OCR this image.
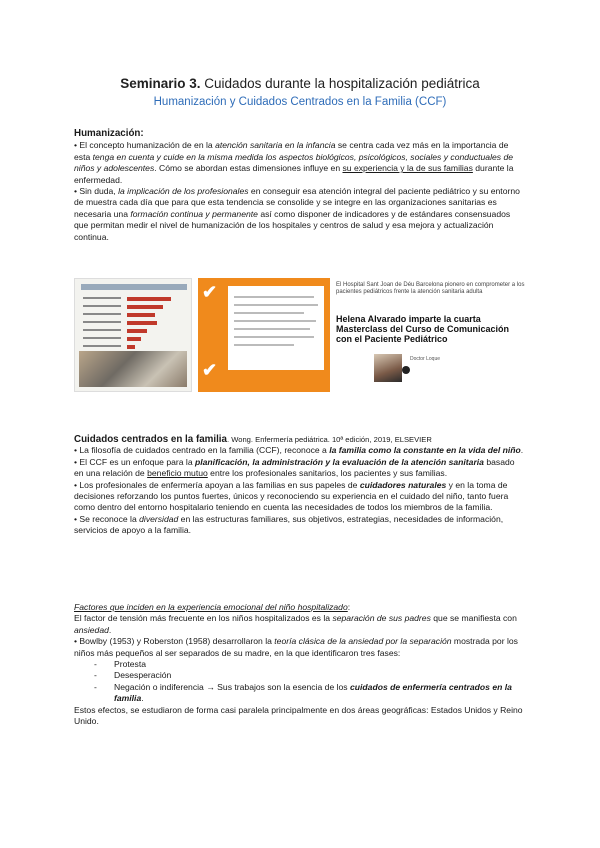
Seminario 3. Cuidados durante la hospitalización pediátrica
Humanización y Cuidados Centrados en la Familia (CCF)
Humanización:

• El concepto humanización de en la atención sanitaria en la infancia se centra cada vez más en la importancia de esta tenga en cuenta y cuide en la misma medida los aspectos biológicos, psicológicos, sociales y conductuales de niños y adolescentes. Cómo se abordan estas dimensiones influye en su experiencia y la de sus familias durante la enfermedad.

• Sin duda, la implicación de los profesionales en conseguir esa atención integral del paciente pediátrico y su entorno de muestra cada día que para que esta tendencia se consolide y se integre en las organizaciones sanitarias es necesaria una formación continua y permanente así como disponer de indicadores y de estándares consensuados que permitan medir el nivel de humanización de los hospitales y centros de salud y esa mejora y actualización continua.

✔
✔
El Hospital Sant Joan de Déu Barcelona pionero en comprometer a los pacientes pediátricos frente la atención sanitaria adulta
Helena Alvarado imparte la cuarta Masterclass del Curso de Comunicación con el Paciente Pediátrico
Doctor Loque

Cuidados centrados en la familia. Wong. Enfermería pediátrica. 10ª edición, 2019, ELSEVIER

• La filosofía de cuidados centrado en la familia (CCF), reconoce a la familia como la constante en la vida del niño.

• El CCF es un enfoque para la planificación, la administración y la evaluación de la atención sanitaria basado en una relación de beneficio mutuo entre los profesionales sanitarios, los pacientes y sus familias.

• Los profesionales de enfermería apoyan a las familias en sus papeles de cuidadores naturales y en la toma de decisiones reforzando los puntos fuertes, únicos y reconociendo su experiencia en el cuidado del niño, tanto fuera como dentro del entorno hospitalario teniendo en cuenta las necesidades de todos los miembros de la familia.

• Se reconoce la diversidad en las estructuras familiares, sus objetivos, estrategias, necesidades de información, servicios de apoyo a la familia.

Factores que inciden en la experiencia emocional del niño hospitalizado:

El factor de tensión más frecuente en los niños hospitalizados es la separación de sus padres que se manifiesta con ansiedad.

• Bowlby (1953) y Roberston (1958) desarrollaron la teoría clásica de la ansiedad por la separación mostrada por los niños más pequeños al ser separados de su madre, en la que identificaron tres fases:

- Protesta
- Desesperación
- Negación o indiferencia → Sus trabajos son la esencia de los cuidados de enfermería centrados en la familia.

Estos efectos, se estudiaron de forma casi paralela principalmente en dos áreas geográficas: Estados Unidos y Reino Unido.
